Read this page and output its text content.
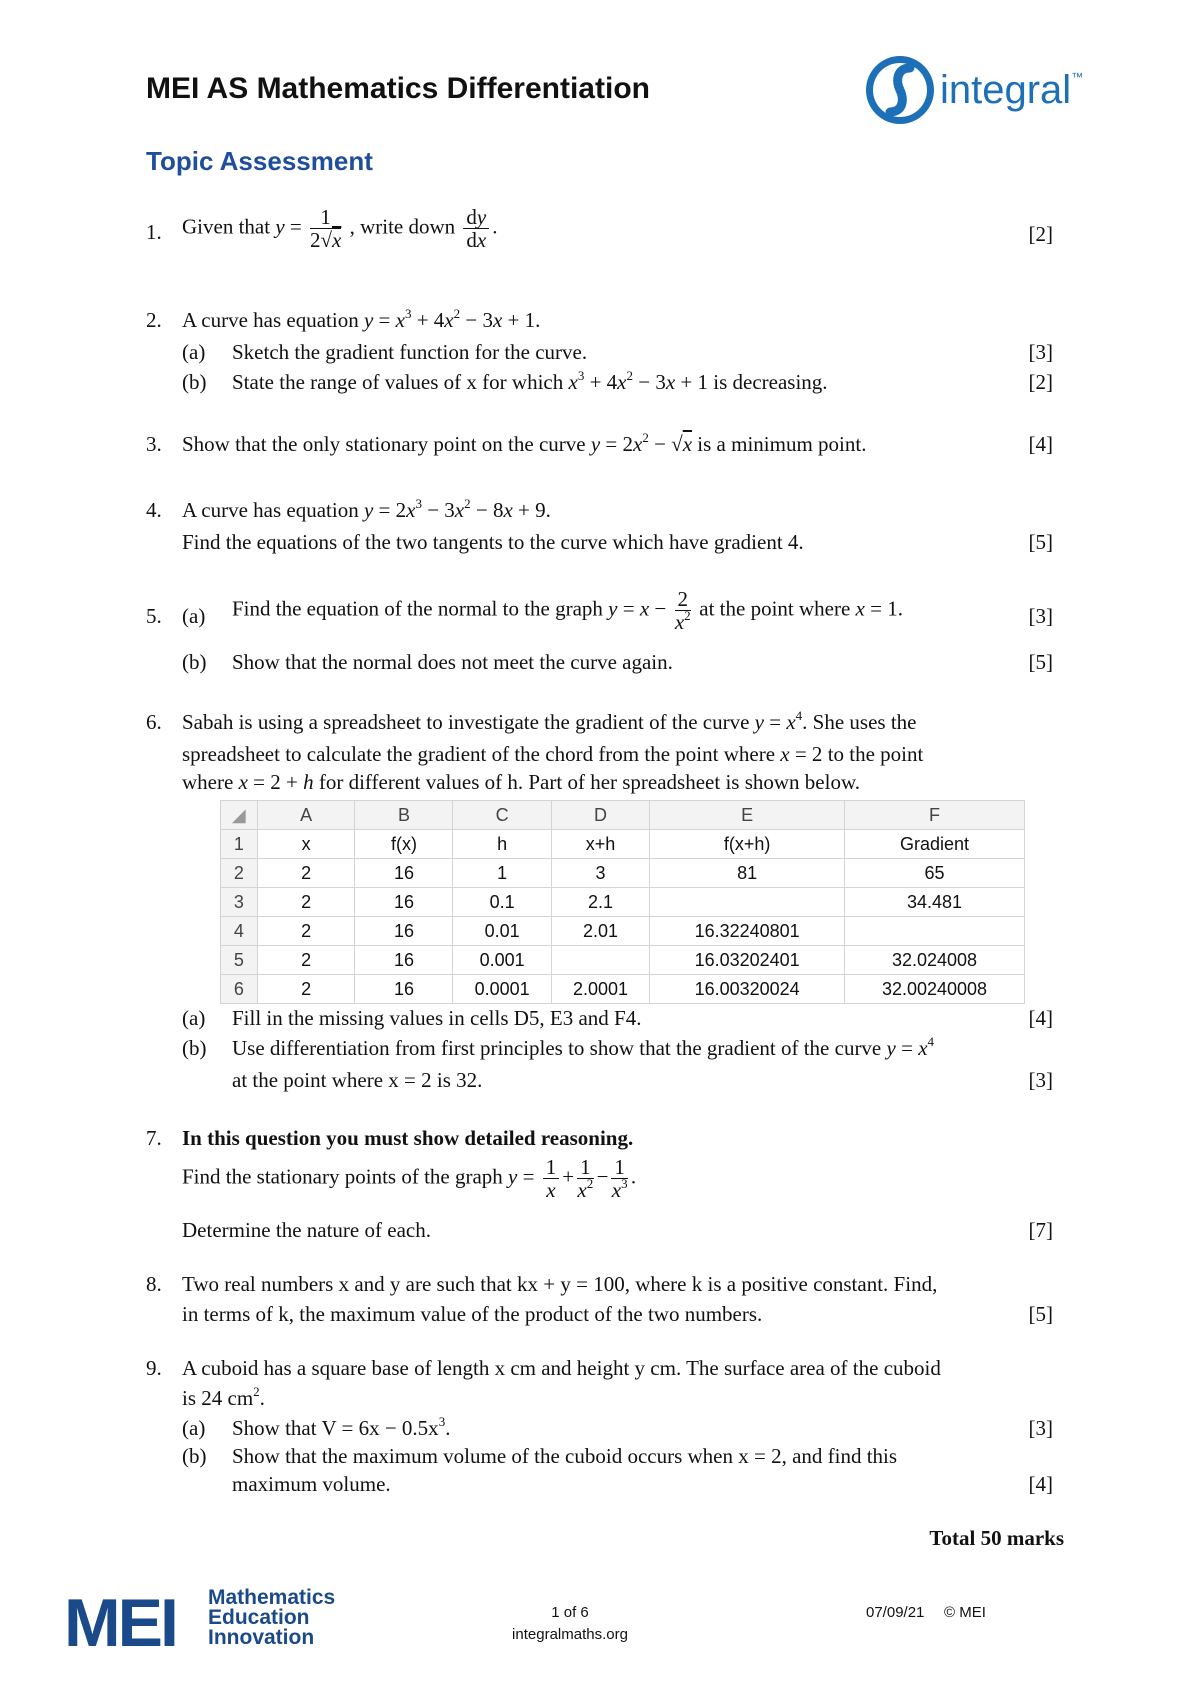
MEI AS Mathematics Differentiation	integral™
Topic Assessment
1. Given that $y = \frac{1}{2√x}$ , write down $\frac{dy}{dx}$ .	[2]
2. A curve has equation $y = x^3 + 4x^2 - 3x + 1$.
(a) Sketch the gradient function for the curve.	[3]
(b) State the range of values of x for which $x^3 + 4x^2 - 3x + 1$ is decreasing.	[2]
3. Show that the only stationary point on the curve $y = 2x^2 - √x$ is a minimum point.	[4]
4. A curve has equation $y = 2x^3 - 3x^2 - 8x + 9$.
Find the equations of the two tangents to the curve which have gradient 4.	[5]
5. (a) Find the equation of the normal to the graph $y = x - \frac{2}{x^2}$ at the point where x = 1.	[3]
(b) Show that the normal does not meet the curve again.	[5]
6. Sabah is using a spreadsheet to investigate the gradient of the curve $y = x^4$. She uses the
spreadsheet to calculate the gradient of the chord from the point where x = 2 to the point
where x = 2 + h for different values of h. Part of her spreadsheet is shown below.
◢	A	B	C	D	E	F
1	x	f(x)	h	x+h	f(x+h)	Gradient
2	2	16	1	3	81	65
3	2	16	0.1	2.1		34.481
4	2	16	0.01	2.01	16.32240801	
5	2	16	0.001		16.03202401	32.024008
6	2	16	0.0001	2.0001	16.00320024	32.00240008
(a) Fill in the missing values in cells D5, E3 and F4.	[4]
(b) Use differentiation from first principles to show that the gradient of the curve $y = x^4$
at the point where x = 2 is 32.	[3]
7. In this question you must show detailed reasoning.
Find the stationary points of the graph $y = \frac{1}{x} + \frac{1}{x^2} - \frac{1}{x^3}$ .
Determine the nature of each.	[7]
8. Two real numbers x and y are such that kx + y = 100, where k is a positive constant. Find,
in terms of k, the maximum value of the product of the two numbers.	[5]
9. A cuboid has a square base of length x cm and height y cm. The surface area of the cuboid
is 24 $cm^2$.
(a) Show that $V = 6x - 0.5x^3$.	[3]
(b) Show that the maximum volume of the cuboid occurs when x = 2, and find this
maximum volume.	[4]
Total 50 marks
MEI Mathematics
Education
Innovation
1 of 6
integralmaths.org
07/09/21 © MEI
